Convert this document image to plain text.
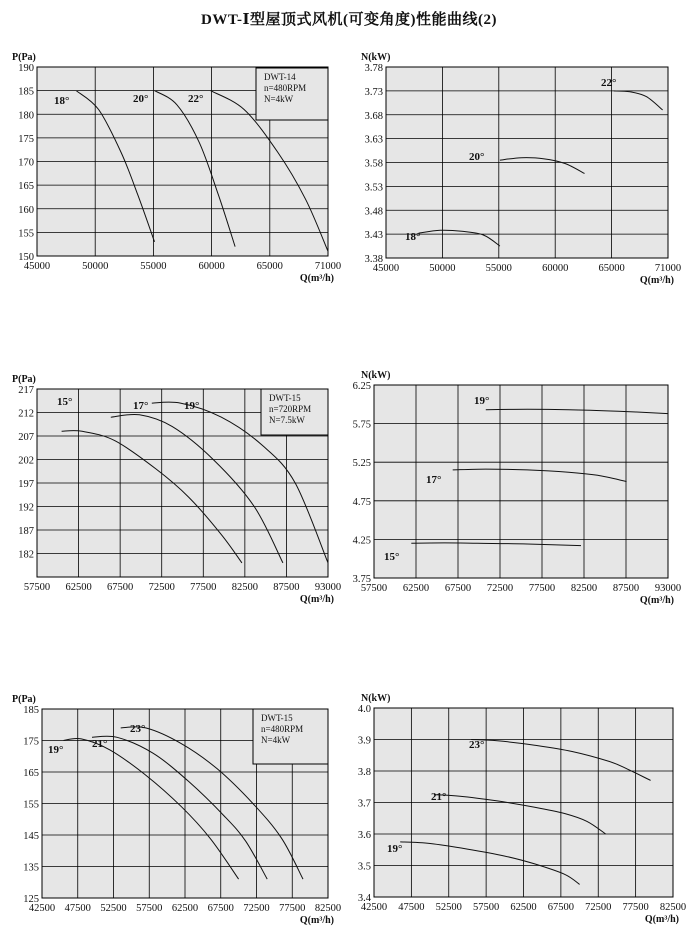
DWT-Ⅰ型屋顶式风机(可变角度)性能曲线(2)
45000	50000	55000	60000	65000	71000
150
155
160
165
170
175
180
185
190
P(Pa)
Q(m³/h)
DWT-14
n=480RPM
N=4kW
18°	20°	22°
45000	50000	55000	60000	65000	71000
3.38
3.43
3.48
3.53
3.58
3.63
3.68
3.73
3.78
N(kW)
Q(m³/h)
18°
20°
22°
57500 62500 67500 72500 77500 82500 87500 93000
182
187
192
197
202
207
212
217
P(Pa)
Q(m³/h)
DWT-15
n=720RPM
N=7.5kW
15°	17°	19°
57500 62500 67500 72500 77500 82500 87500 93000
3.75
4.25
4.75
5.25
5.75
6.25
N(kW)
Q(m³/h)
15°
17°
19°
42500 47500 52500 57500 62500 67500 72500 77500 82500
125
135
145
155
165
175
185
P(Pa)
Q(m³/h)
DWT-15
n=480RPM
N=4kW
19°	21°
23°
42500 47500 52500 57500 62500 67500 72500 77500 82500
3.4
3.5
3.6
3.7
3.8
3.9
4.0
N(kW)
Q(m³/h)
19°
21°
23°
